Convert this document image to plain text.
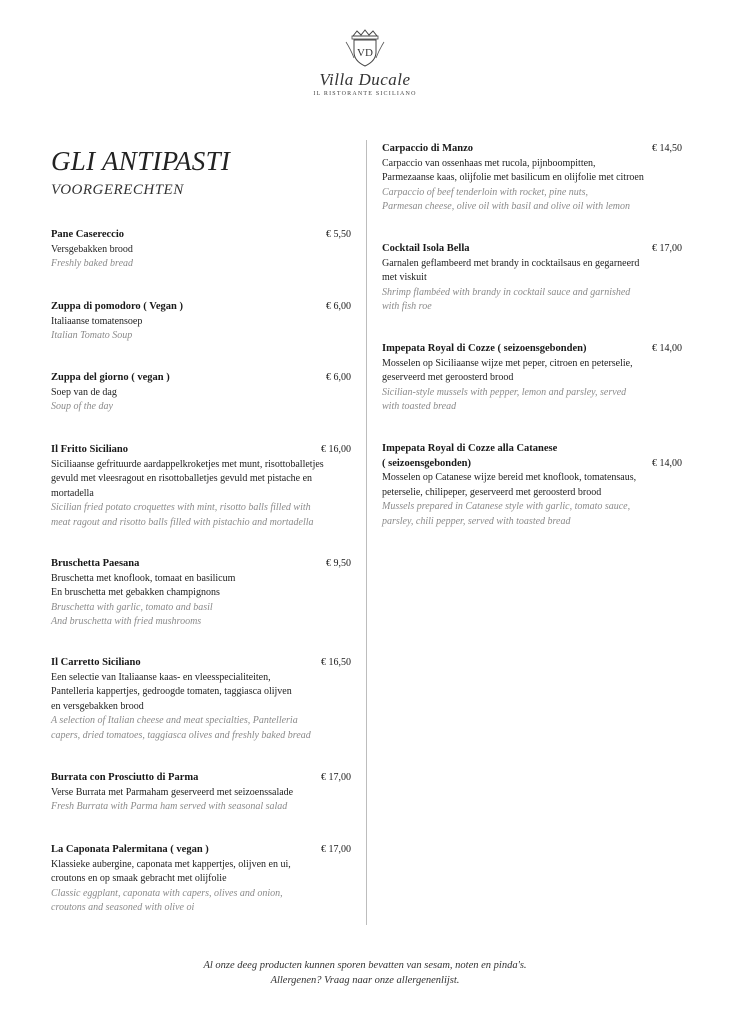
VD
Villa Ducale
IL RISTORANTE SICILIANO
GLI ANTIPASTI
VOORGERECHTEN
Pane Casereccio	€ 5,50
Versgebakken brood
Freshly baked bread
Zuppa di pomodoro ( Vegan )	€ 6,00
Italiaanse tomatensoep
Italian Tomato Soup
Zuppa del giorno ( vegan )	€ 6,00
Soep van de dag
Soup of the day
Il Fritto Siciliano	€ 16,00
Siciliaanse gefrituurde aardappelkroketjes met munt, risottoballetjes
gevuld met vleesragout en risottoballetjes gevuld met pistache en
mortadella
Sicilian fried potato croquettes with mint, risotto balls filled with
meat ragout and risotto balls filled with pistachio and mortadella
Bruschetta Paesana	€ 9,50
Bruschetta met knoflook, tomaat en basilicum
En bruschetta met gebakken champignons
Bruschetta with garlic, tomato and basil
And bruschetta with fried mushrooms
Il Carretto Siciliano	€ 16,50
Een selectie van Italiaanse kaas- en vleesspecialiteiten,
Pantelleria kappertjes, gedroogde tomaten, taggiasca olijven
en versgebakken brood
A selection of Italian cheese and meat specialties, Pantelleria
capers, dried tomatoes, taggiasca olives and freshly baked bread
Burrata con Prosciutto di Parma	€ 17,00
Verse Burrata met Parmaham geserveerd met seizoenssalade
Fresh Burrata with Parma ham served with seasonal salad
La Caponata Palermitana ( vegan )	€ 17,00
Klassieke aubergine, caponata met kappertjes, olijven en ui,
croutons en op smaak gebracht met olijfolie
Classic eggplant, caponata with capers, olives and onion,
croutons and seasoned with olive oi
Carpaccio di Manzo	€ 14,50
Carpaccio van ossenhaas met rucola, pijnboompitten,
Parmezaanse kaas, olijfolie met basilicum en olijfolie met citroen
Carpaccio of beef tenderloin with rocket, pine nuts,
Parmesan cheese, olive oil with basil and olive oil with lemon
Cocktail Isola Bella	€ 17,00
Garnalen geflambeerd met brandy in cocktailsaus en gegarneerd
met viskuit
Shrimp flambéed with brandy in cocktail sauce and garnished
with fish roe
Impepata Royal di Cozze ( seizoensgebonden)	€ 14,00
Mosselen op Siciliaanse wijze met peper, citroen en peterselie,
geserveerd met geroosterd brood
Sicilian-style mussels with pepper, lemon and parsley, served
with toasted bread
Impepata Royal di Cozze alla Catanese
( seizoensgebonden)	€ 14,00
Mosselen op Catanese wijze bereid met knoflook, tomatensaus,
peterselie, chilipeper, geserveerd met geroosterd brood
Mussels prepared in Catanese style with garlic, tomato sauce,
parsley, chili pepper, served with toasted bread
Al onze deeg producten kunnen sporen bevatten van sesam, noten en pinda's.
Allergenen? Vraag naar onze allergenenlijst.
